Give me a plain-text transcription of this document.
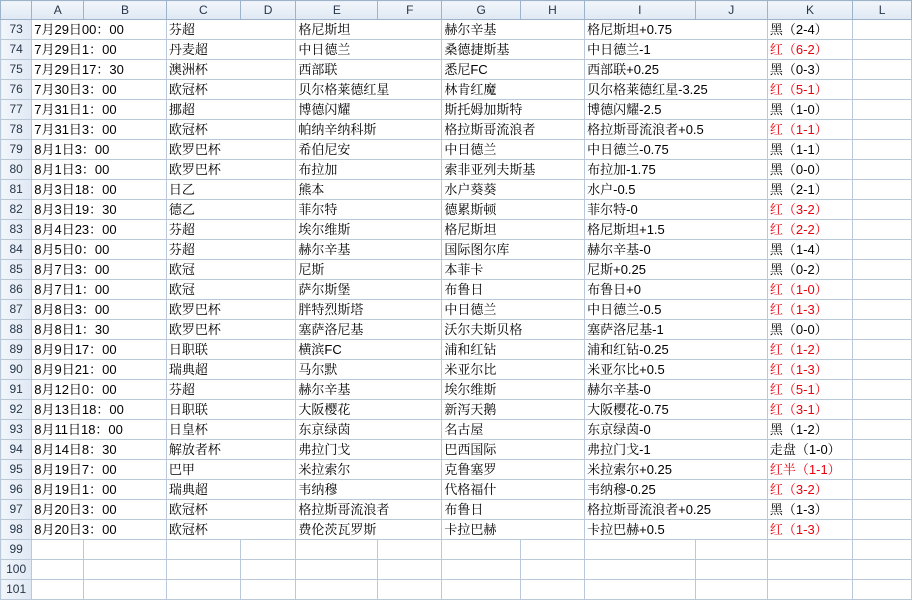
	A	B	C	D	E	F	G	H	I	J	K	L
73	7月29日00：00		芬超		格尼斯坦		赫尔辛基		格尼斯坦+0.75		黑（2-4）	
74	7月29日1：00		丹麦超		中日德兰		桑德捷斯基		中日德兰-1		红（6-2）	
75	7月29日17：30		澳洲杯		西部联		悉尼FC		西部联+0.25		黑（0-3）	
76	7月30日3：00		欧冠杯		贝尔格莱德红星		林肯红魔		贝尔格莱德红星-3.25		红（5-1）	
77	7月31日1：00		挪超		博德闪耀		斯托姆加斯特		博德闪耀-2.5		黑（1-0）	
78	7月31日3：00		欧冠杯		帕纳辛纳科斯		格拉斯哥流浪者		格拉斯哥流浪者+0.5		红（1-1）	
79	8月1日3：00		欧罗巴杯		希伯尼安		中日德兰		中日德兰-0.75		黑（1-1）	
80	8月1日3：00		欧罗巴杯		布拉加		索非亚列夫斯基		布拉加-1.75		黑（0-0）	
81	8月3日18：00		日乙		熊本		水户葵葵		水户-0.5		黑（2-1）	
82	8月3日19：30		德乙		菲尔特		德累斯顿		菲尔特-0		红（3-2）	
83	8月4日23：00		芬超		埃尔维斯		格尼斯坦		格尼斯坦+1.5		红（2-2）	
84	8月5日0：00		芬超		赫尔辛基		国际图尔库		赫尔辛基-0		黑（1-4）	
85	8月7日3：00		欧冠		尼斯		本菲卡		尼斯+0.25		黑（0-2）	
86	8月7日1：00		欧冠		萨尔斯堡		布鲁日		布鲁日+0		红（1-0）	
87	8月8日3：00		欧罗巴杯		胖特烈斯塔		中日德兰		中日德兰-0.5		红（1-3）	
88	8月8日1：30		欧罗巴杯		塞萨洛尼基		沃尔夫斯贝格		塞萨洛尼基-1		黑（0-0）	
89	8月9日17：00		日职联		横滨FC		浦和红钻		浦和红钻-0.25		红（1-2）	
90	8月9日21：00		瑞典超		马尔默		米亚尔比		米亚尔比+0.5		红（1-3）	
91	8月12日0：00		芬超		赫尔辛基		埃尔维斯		赫尔辛基-0		红（5-1）	
92	8月13日18：00		日职联		大阪樱花		新泻天鹅		大阪樱花-0.75		红（3-1）	
93	8月11日18：00		日皇杯		东京绿茵		名古屋		东京绿茵-0		黑（1-2）	
94	8月14日8：30		解放者杯		弗拉门戈		巴西国际		弗拉门戈-1		走盘（1-0）	
95	8月19日7：00		巴甲		米拉索尔		克鲁塞罗		米拉索尔+0.25		红半（1-1）	
96	8月19日1：00		瑞典超		韦纳穆		代格福什		韦纳穆-0.25		红（3-2）	
97	8月20日3：00		欧冠杯		格拉斯哥流浪者		布鲁日		格拉斯哥流浪者+0.25		黑（1-3）	
98	8月20日3：00		欧冠杯		费伦茨瓦罗斯		卡拉巴赫		卡拉巴赫+0.5		红（1-3）	
99												
100												
101												
